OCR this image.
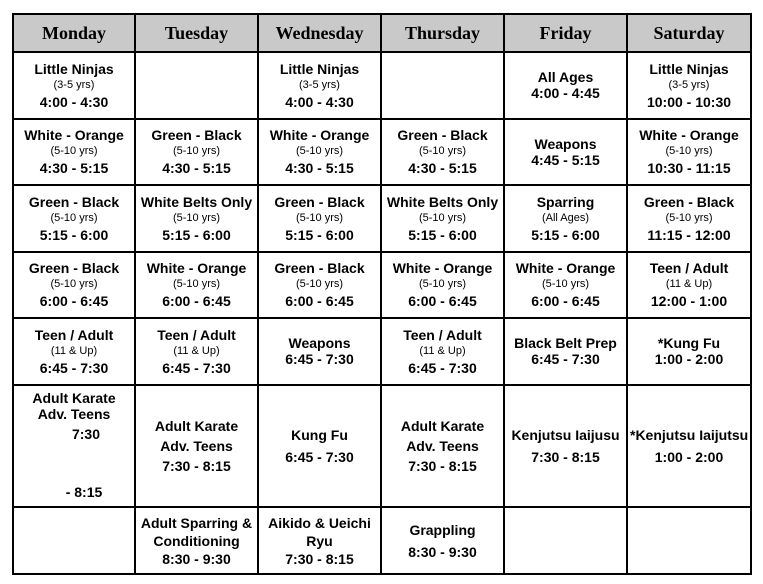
Monday	Tuesday	Wednesday	Thursday	Friday	Saturday

Little Ninjas
(3-5 yrs)
4:00 - 4:30		Little Ninjas
(3-5 yrs)
4:00 - 4:30		All Ages
4:00 - 4:45	Little Ninjas
(3-5 yrs)
10:00 - 10:30

White - Orange
(5-10 yrs)
4:30 - 5:15	Green - Black
(5-10 yrs)
4:30 - 5:15	White - Orange
(5-10 yrs)
4:30 - 5:15	Green - Black
(5-10 yrs)
4:30 - 5:15	Weapons
4:45 - 5:15	White - Orange
(5-10 yrs)
10:30 - 11:15

Green - Black
(5-10 yrs)
5:15 - 6:00	White Belts Only
(5-10 yrs)
5:15 - 6:00	Green - Black
(5-10 yrs)
5:15 - 6:00	White Belts Only
(5-10 yrs)
5:15 - 6:00	Sparring
(All Ages)
5:15 - 6:00	Green - Black
(5-10 yrs)
11:15 - 12:00

Green - Black
(5-10 yrs)
6:00 - 6:45	White - Orange
(5-10 yrs)
6:00 - 6:45	Green - Black
(5-10 yrs)
6:00 - 6:45	White - Orange
(5-10 yrs)
6:00 - 6:45	White - Orange
(5-10 yrs)
6:00 - 6:45	Teen / Adult
(11 & Up)
12:00 - 1:00

Teen / Adult
(11 & Up)
6:45 - 7:30	Teen / Adult
(11 & Up)
6:45 - 7:30	Weapons
6:45 - 7:30	Teen / Adult
(11 & Up)
6:45 - 7:30	Black Belt Prep
6:45 - 7:30	*Kung Fu
1:00 - 2:00

Adult Karate
Adv. Teens
7:30
- 8:15	Adult Karate
Adv. Teens
7:30 - 8:15	Kung Fu
6:45 - 7:30	Adult Karate
Adv. Teens
7:30 - 8:15	Kenjutsu Iaijusu
7:30 - 8:15	*Kenjutsu Iaijutsu
1:00 - 2:00

	Adult Sparring &
Conditioning
8:30 - 9:30	Aikido & Ueichi
Ryu
7:30 - 8:15	Grappling
8:30 - 9:30		
